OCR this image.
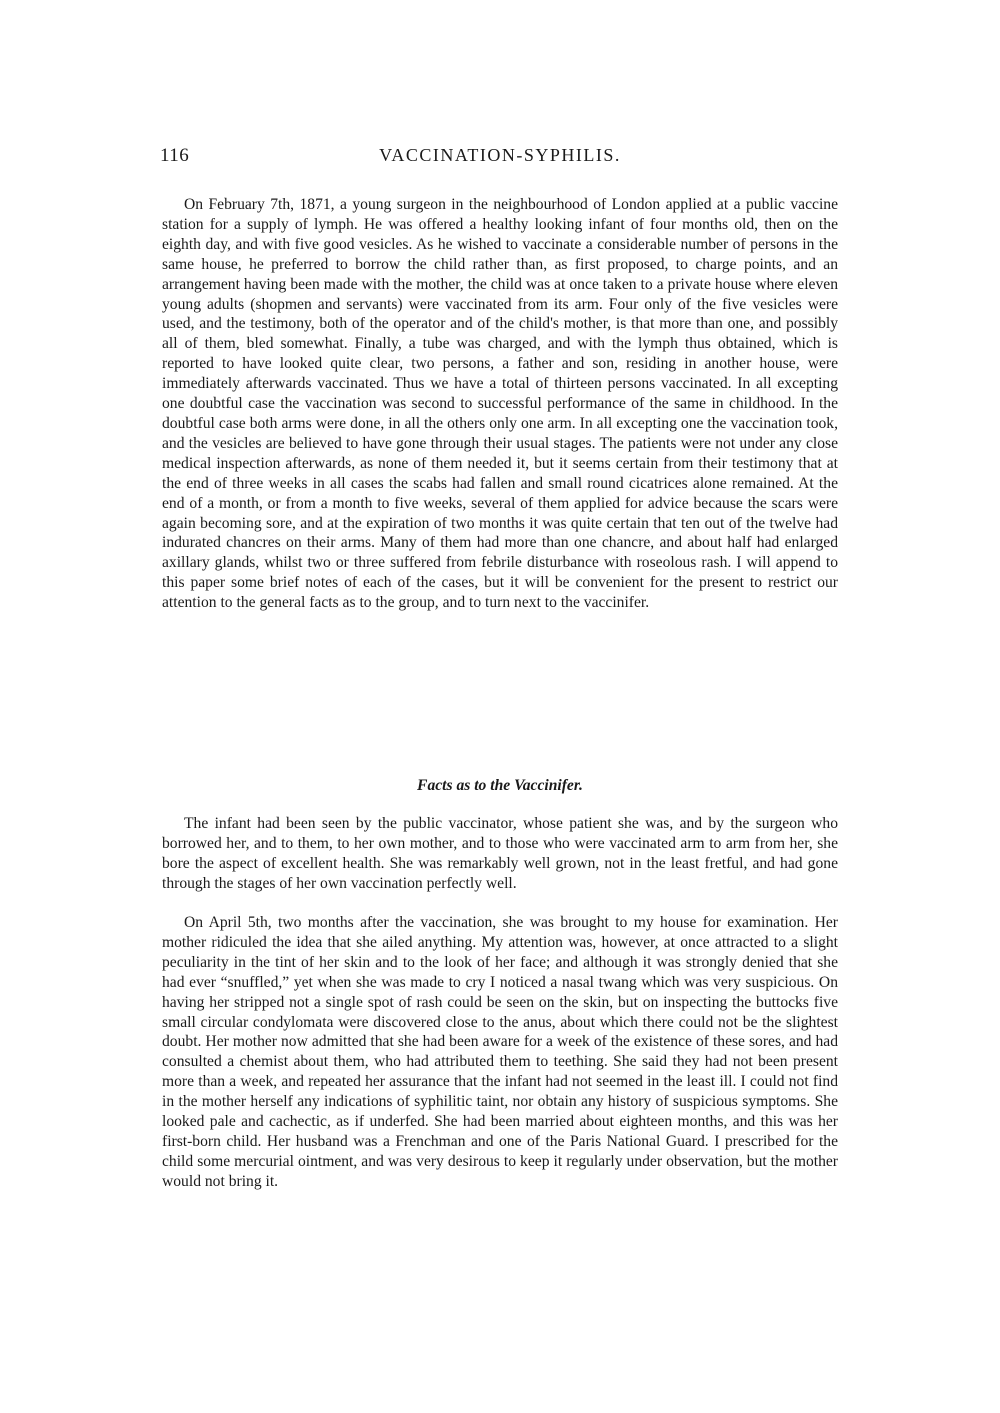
116	VACCINATION-SYPHILIS.

On February 7th, 1871, a young surgeon in the neighbourhood of London applied at a public vaccine station for a supply of lymph. He was offered a healthy looking infant of four months old, then on the eighth day, and with five good vesicles. As he wished to vaccinate a considerable number of persons in the same house, he preferred to borrow the child rather than, as first proposed, to charge points, and an arrangement having been made with the mother, the child was at once taken to a private house where eleven young adults (shopmen and servants) were vaccinated from its arm. Four only of the five vesicles were used, and the testimony, both of the operator and of the child's mother, is that more than one, and possibly all of them, bled somewhat. Finally, a tube was charged, and with the lymph thus obtained, which is reported to have looked quite clear, two persons, a father and son, residing in another house, were immediately afterwards vaccinated. Thus we have a total of thirteen persons vaccinated. In all excepting one doubtful case the vaccination was second to successful performance of the same in childhood. In the doubtful case both arms were done, in all the others only one arm. In all excepting one the vaccination took, and the vesicles are believed to have gone through their usual stages. The patients were not under any close medical inspection afterwards, as none of them needed it, but it seems certain from their testimony that at the end of three weeks in all cases the scabs had fallen and small round cicatrices alone remained. At the end of a month, or from a month to five weeks, several of them applied for advice because the scars were again becoming sore, and at the expiration of two months it was quite certain that ten out of the twelve had indurated chancres on their arms. Many of them had more than one chancre, and about half had enlarged axillary glands, whilst two or three suffered from febrile disturbance with roseolous rash. I will append to this paper some brief notes of each of the cases, but it will be convenient for the present to restrict our attention to the general facts as to the group, and to turn next to the vaccinifer.

Facts as to the Vaccinifer.

The infant had been seen by the public vaccinator, whose patient she was, and by the surgeon who borrowed her, and to them, to her own mother, and to those who were vaccinated arm to arm from her, she bore the aspect of excellent health. She was remarkably well grown, not in the least fretful, and had gone through the stages of her own vaccination perfectly well.

On April 5th, two months after the vaccination, she was brought to my house for examination. Her mother ridiculed the idea that she ailed anything. My attention was, however, at once attracted to a slight peculiarity in the tint of her skin and to the look of her face; and although it was strongly denied that she had ever “snuffled,” yet when she was made to cry I noticed a nasal twang which was very suspicious. On having her stripped not a single spot of rash could be seen on the skin, but on inspecting the buttocks five small circular condylomata were discovered close to the anus, about which there could not be the slightest doubt. Her mother now admitted that she had been aware for a week of the existence of these sores, and had consulted a chemist about them, who had attributed them to teething. She said they had not been present more than a week, and repeated her assurance that the infant had not seemed in the least ill. I could not find in the mother herself any indications of syphilitic taint, nor obtain any history of suspicious symptoms. She looked pale and cachectic, as if underfed. She had been married about eighteen months, and this was her first-born child. Her husband was a Frenchman and one of the Paris National Guard. I prescribed for the child some mercurial ointment, and was very desirous to keep it regularly under observation, but the mother would not bring it.
